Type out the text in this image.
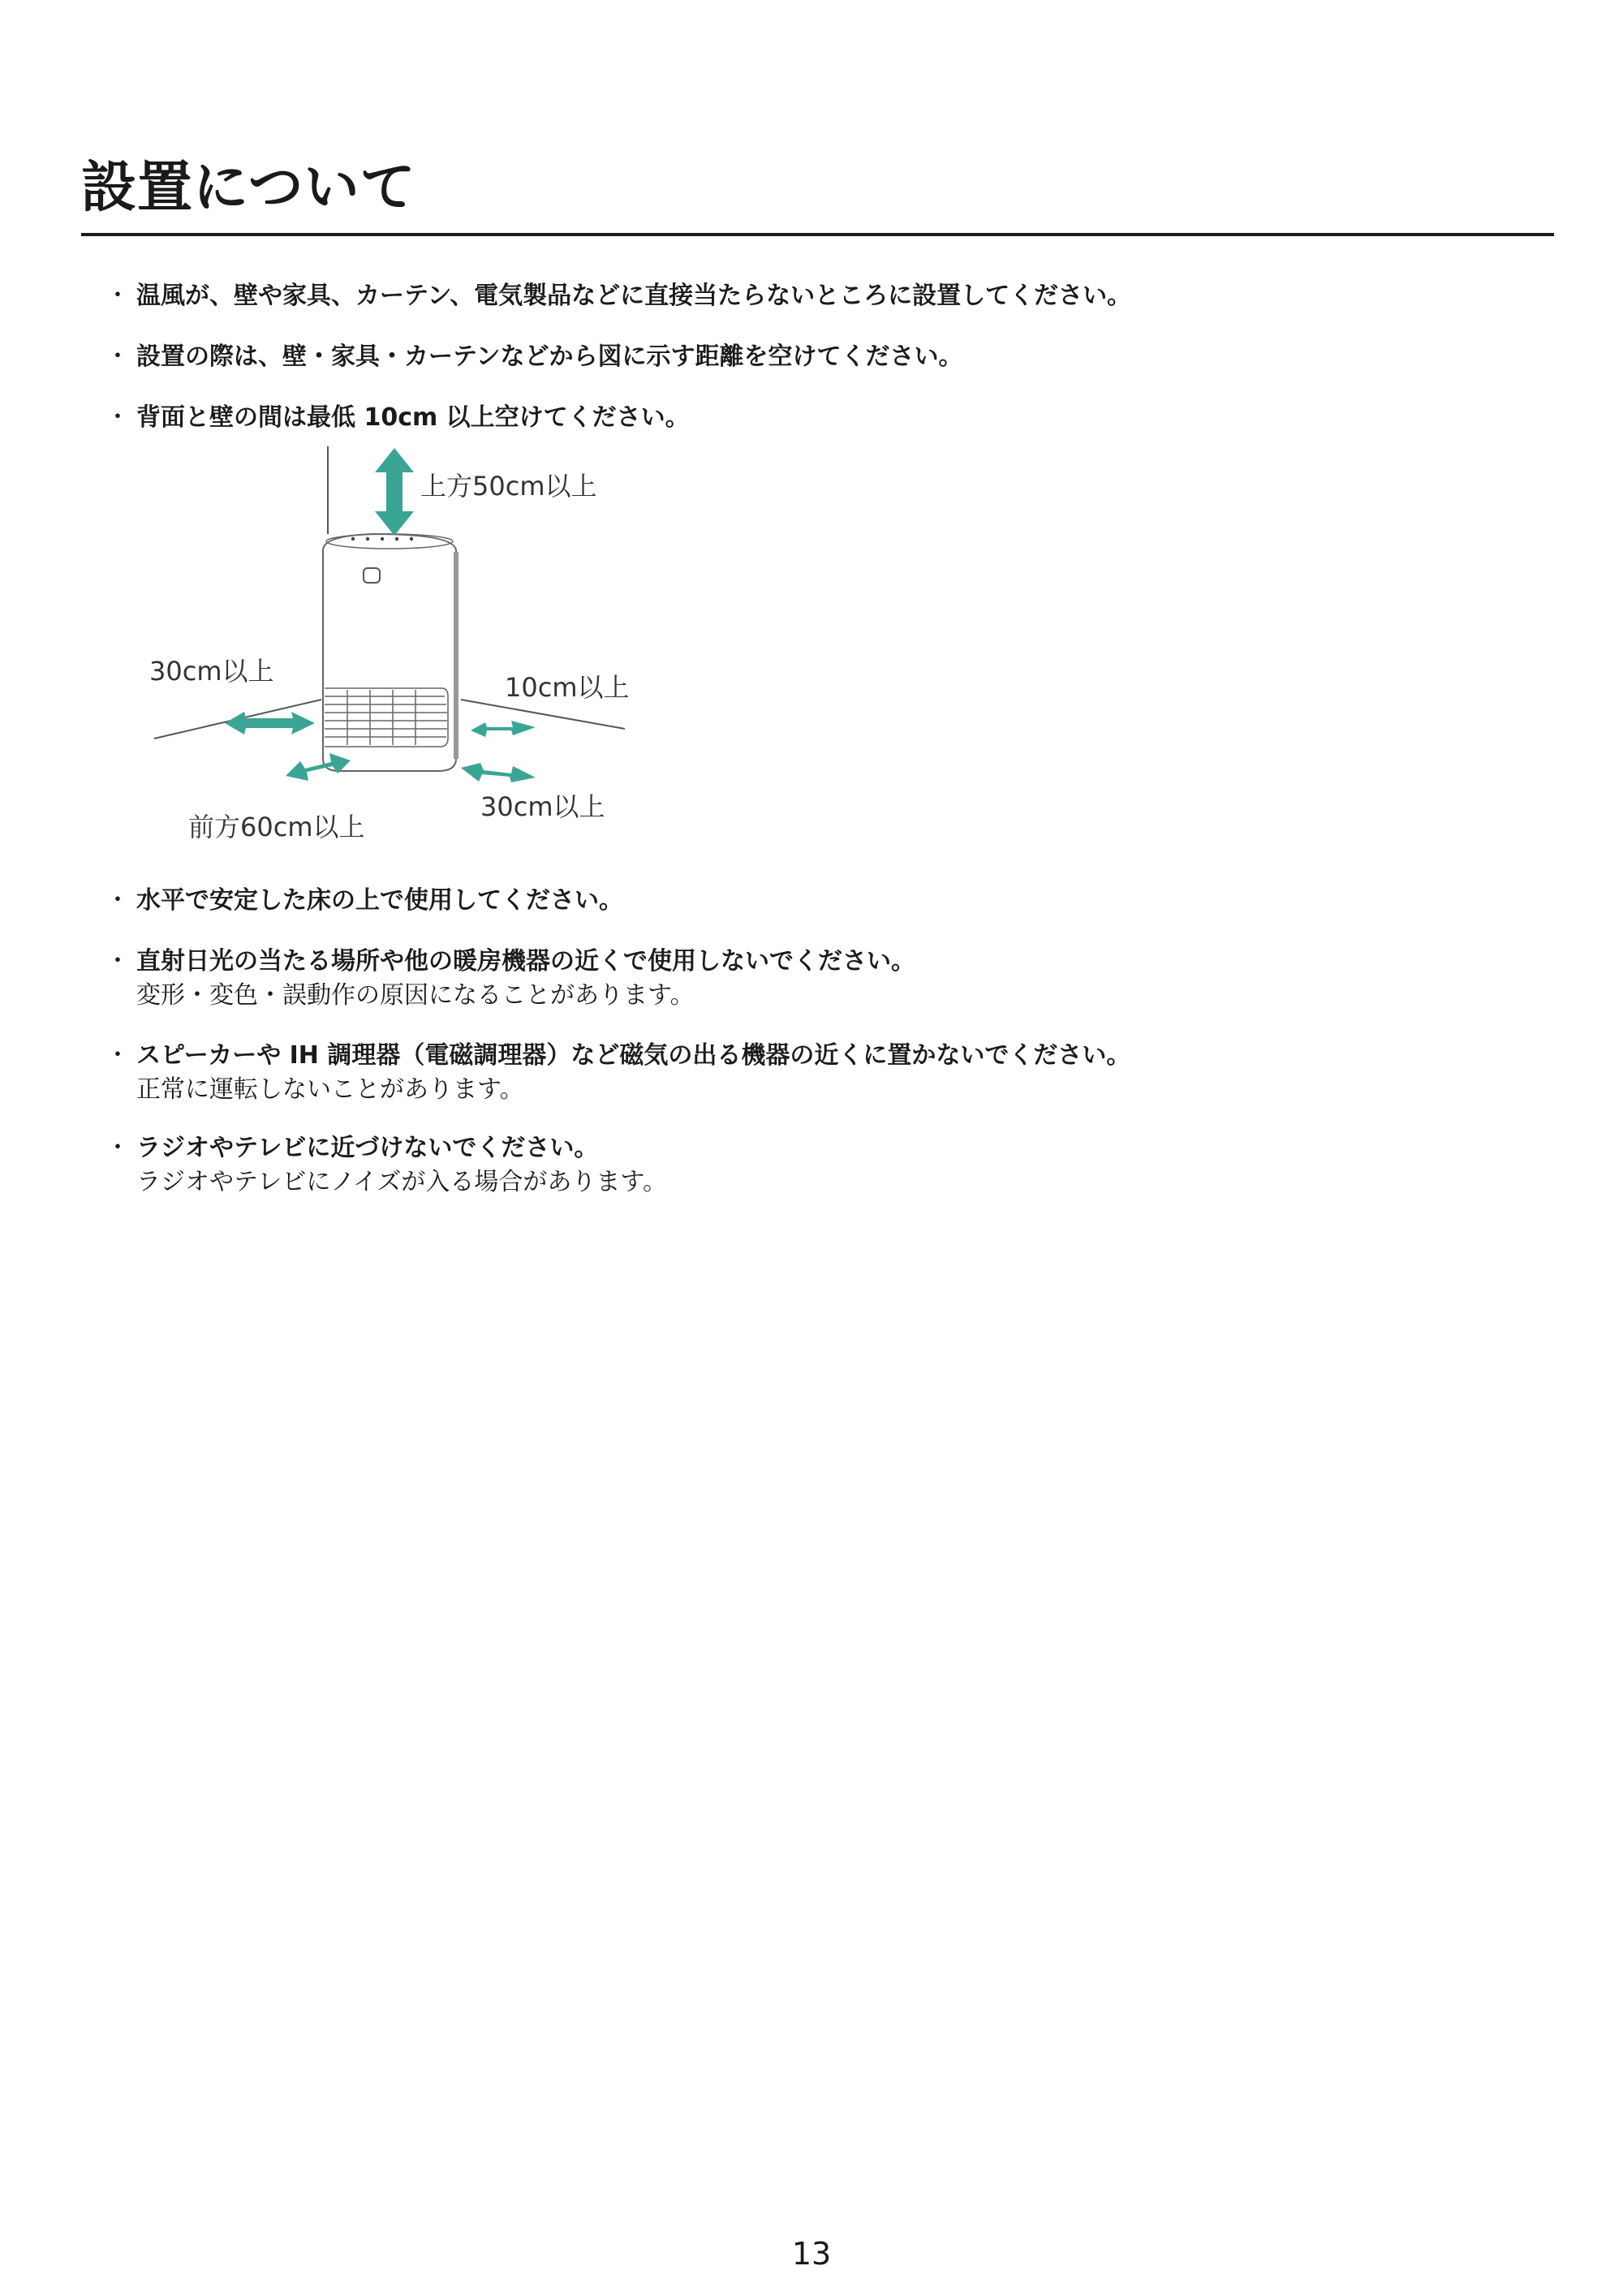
設置について
・ 温風が、壁や家具、カーテン、電気製品などに直接当たらないところに設置してください。
・ 設置の際は、壁・家具・カーテンなどから図に示す距離を空けてください。
・ 背面と壁の間は最低 10cm 以上空けてください。
上方50cm以上
30cm以上
10cm以上
30cm以上
前方60cm以上
・ 水平で安定した床の上で使用してください。
・ 直射日光の当たる場所や他の暖房機器の近くで使用しないでください。
変形・変色・誤動作の原因になることがあります。
・ スピーカーや IH 調理器（電磁調理器）など磁気の出る機器の近くに置かないでください。
正常に運転しないことがあります。
・ ラジオやテレビに近づけないでください。
ラジオやテレビにノイズが入る場合があります。
13
